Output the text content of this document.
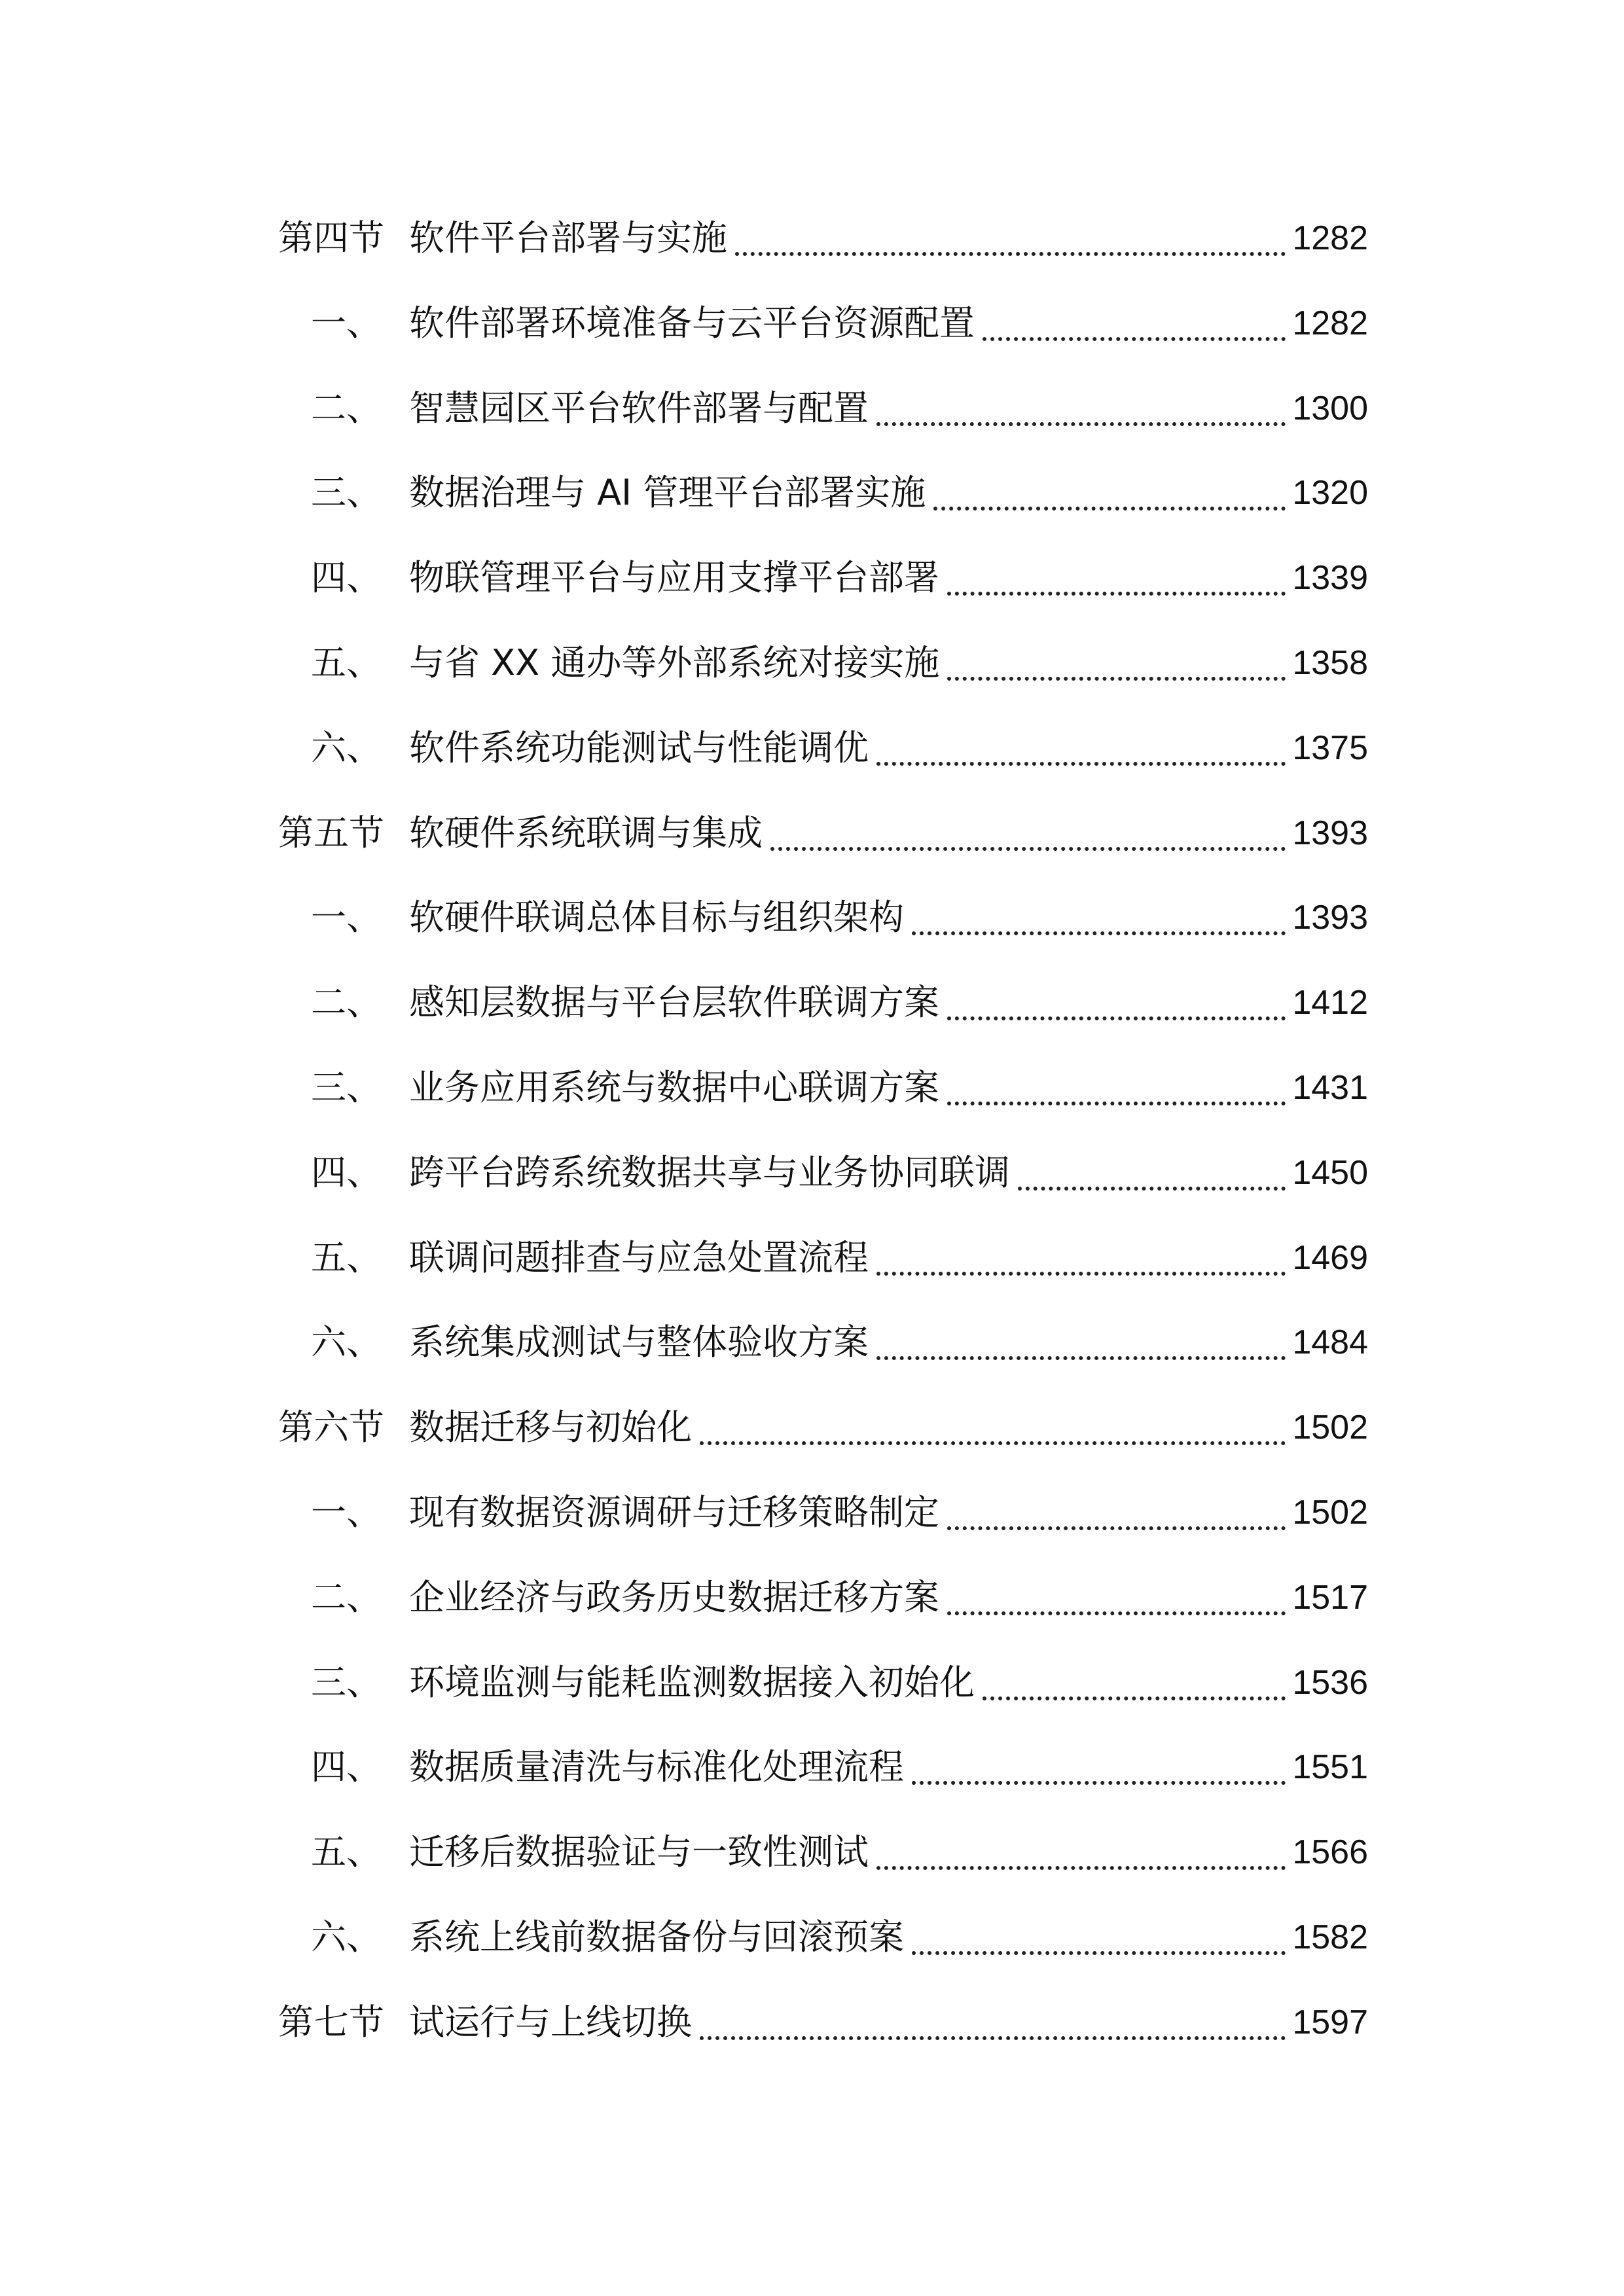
第四节 软件平台部署与实施	1282
一、 软件部署环境准备与云平台资源配置	1282
二、 智慧园区平台软件部署与配置	1300
三、 数据治理与 AI 管理平台部署实施	1320
四、 物联管理平台与应用支撑平台部署	1339
五、 与省 XX 通办等外部系统对接实施	1358
六、 软件系统功能测试与性能调优	1375
第五节 软硬件系统联调与集成	1393
一、 软硬件联调总体目标与组织架构	1393
二、 感知层数据与平台层软件联调方案	1412
三、 业务应用系统与数据中心联调方案	1431
四、 跨平台跨系统数据共享与业务协同联调	1450
五、 联调问题排查与应急处置流程	1469
六、 系统集成测试与整体验收方案	1484
第六节 数据迁移与初始化	1502
一、 现有数据资源调研与迁移策略制定	1502
二、 企业经济与政务历史数据迁移方案	1517
三、 环境监测与能耗监测数据接入初始化	1536
四、 数据质量清洗与标准化处理流程	1551
五、 迁移后数据验证与一致性测试	1566
六、 系统上线前数据备份与回滚预案	1582
第七节 试运行与上线切换	1597
